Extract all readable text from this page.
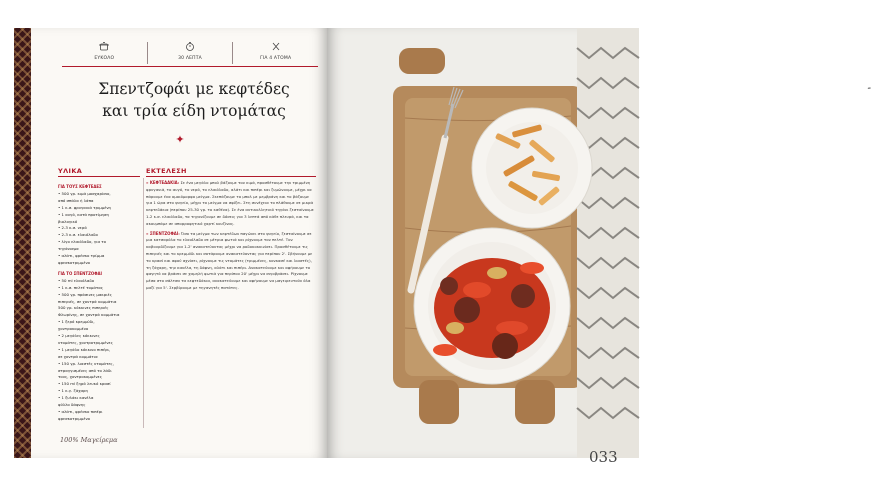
ΕΥΚΟΛΟ	30 ΛΕΠΤΑ	ΓΙΑ 4 ΑΤΟΜΑ
Σπεντζοφάι με κεφτέδες
και τρία είδη ντομάτας
✦
ΥΛΙΚΑ	ΕΚΤΕΛΕΣΗ
ΓΙΑ ΤΟΥΣ ΚΕΦΤΕΔΕΣ
• 500 γρ. κιμά μοσχαρίσιο,
από σπάλα ή λάπα
• 1 κ.σ. φρυγανιά τριμμένη
• 1 αυγό, κατά προτίμηση
βιολογικό
• 2-3 κ.σ. νερό
• 2-3 κ.σ. ελαιόλαδο
• λίγο ελαιόλαδο, για το
τηγάνισμα
• αλάτι, φρέσκο τρίμμα
φρεσκοτριμμένο
ΓΙΑ ΤΟ ΣΠΕΝΤΖΟΦΑΙ
• 50 ml ελαιόλαδο
• 1 κ.σ. πελτέ τομάτας
• 500 γρ. πράσινες μακριές
πιπεριές, σε χοντρά κομμάτια
500 γρ. κόκκινες πιπεριές
Φλωρίνης, σε χοντρά κομμάτια
• 1 ξερό κρεμμύδι,
χοντροκομμένο
• 2 μεγάλες κόκκινες
ντομάτες, χοντροτριμμένες
• 1 μεγάλο κόκκινο πιπέρι,
σε χοντρά κομμάτια
• 150 γρ. λιαστές ντομάτες,
στραγγισμένες από το λάδι
τους, χοντροκομμένες
• 150 ml ξηρό λευκό κρασί
• 1 κ.γ. ζάχαρη
• 1 ξυλάκι κανέλα
φύλλο δάφνης
• αλάτι, φρέσκο πιπέρι
φρεσκοτριμμένο

» ΚΕΦΤΕΔΑΚΙΑ: Σε ένα μεγάλο μπολ βάζουμε τον κιμά, προσθέτουμε την τριμμένη φρυγανιά, το αυγό, το νερό, το ελαιόλαδο, αλάτι και πιπέρι και ζυμώνουμε, μέχρι να πάρουμε ένα ομοιόμορφο μείγμα. Σκεπάζουμε το μπολ με μεμβράνη και το βάζουμε για 1 ώρα στο ψυγείο, μέχρι το μείγμα να σφίξει. Στη συνέχεια το πλάθουμε σε μικρά κεφτεδάκια (περίπου 25-30 γρ. το καθένα). Σε ένα αντικολλητικό τηγάνι ζεσταίνουμε 1-2 κ.σ. ελαιόλαδο, τα τηγανίζουμε σε δόσεις για 3 λεπτά από κάθε πλευρά, και τα ακουμπάμε σε απορροφητικό χαρτί κουζίνας.

» ΣΠΕΝΤΖΟΦΑΙ: Όσο τα μείγμα των κεφτέδων παγώνει στο ψυγείο, ζεσταίνουμε σε μια κατσαρόλα το ελαιόλαδο σε μέτρια φωτιά και ρίχνουμε τον πελτέ. Τον καβουρδίζουμε για 1-2' ανακατεύοντας μέχρι να ροδοκοκκινίσει. Προσθέτουμε τις πιπεριές και το κρεμμύδι και σοτάρουμε ανακατεύοντας για περίπου 2'. Σβήνουμε με το κρασί και αφού αχνίσει, ρίχνουμε τις ντομάτες (τριμμένες, κονκασέ και λιαστές), τη ζάχαρη, την κανέλα, τη δάφνη, αλάτι και πιπέρι. Ανακατεύουμε και αφήνουμε το φαγητό να βράσει σε χαμηλή φωτιά για περίπου 20' μέχρι να σιγοβράσει. Ρίχνουμε μέσα στο σάλτσα τα κεφτεδάκια, ανακατεύουμε και αφήνουμε να μαγειρευτούν όλα μαζί για 5'. Σερβίρουμε με τηγανητές πατάτες.

100% Μαγείρεμα
✒
033
